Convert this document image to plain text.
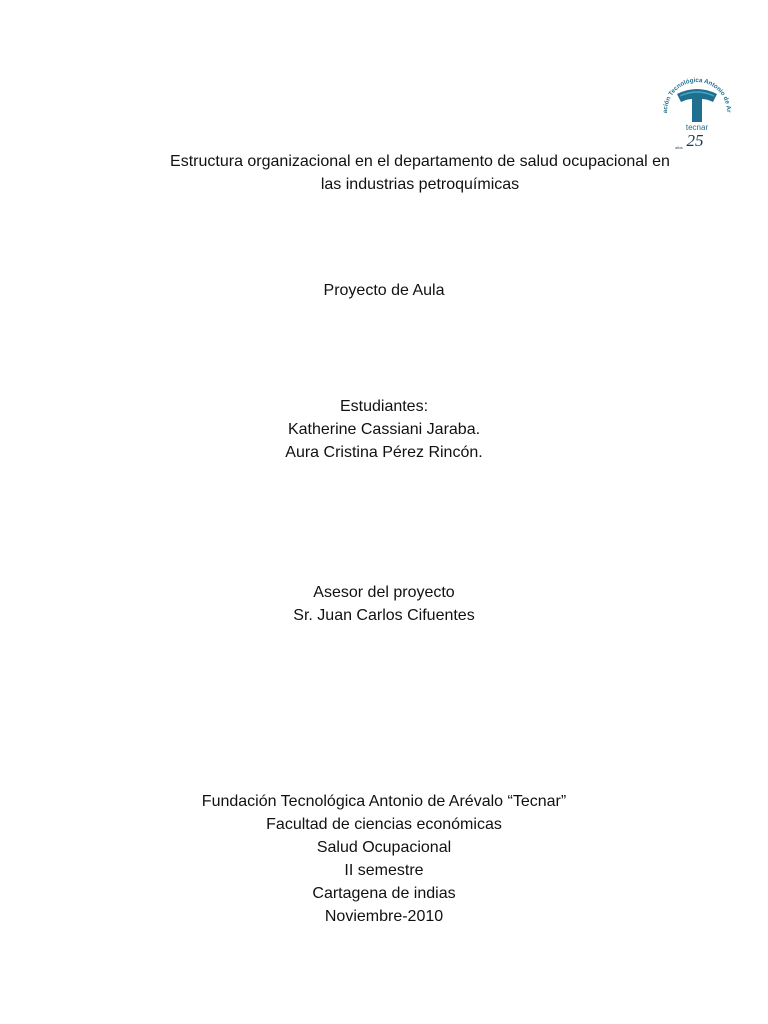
ación Tecnológica Antonio de Ar
tecnar
25
años
Estructura organizacional en el departamento de salud ocupacional en
las industrias petroquímicas
Proyecto de Aula
Estudiantes:
Katherine Cassiani Jaraba.
Aura Cristina Pérez Rincón.
Asesor del proyecto
Sr. Juan Carlos Cifuentes
Fundación Tecnológica Antonio de Arévalo “Tecnar”
Facultad de ciencias económicas
Salud Ocupacional
II semestre
Cartagena de indias
Noviembre-2010
